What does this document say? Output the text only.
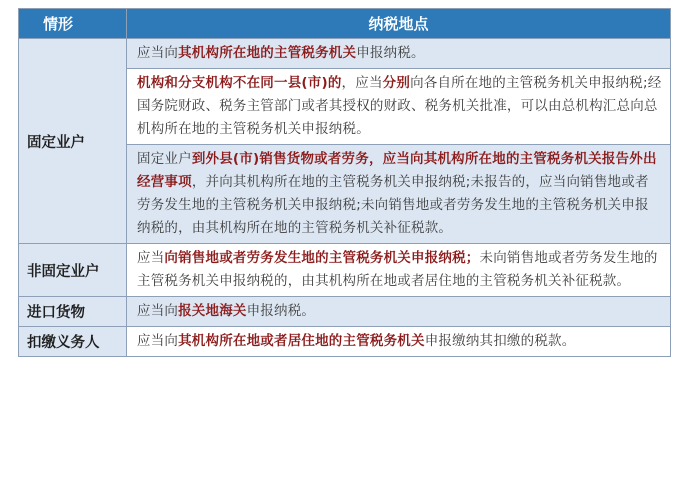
情形	纳税地点
固定业户	应当向其机构所在地的主管税务机关申报纳税。
	机构和分支机构不在同一县(市)的，应当分别向各自所在地的主管税务机关申报纳税;经国务院财政、税务主管部门或者其授权的财政、税务机关批准，可以由总机构汇总向总机构所在地的主管税务机关申报纳税。
	固定业户到外县(市)销售货物或者劳务，应当向其机构所在地的主管税务机关报告外出经营事项，并向其机构所在地的主管税务机关申报纳税;未报告的，应当向销售地或者劳务发生地的主管税务机关申报纳税;未向销售地或者劳务发生地的主管税务机关申报纳税的，由其机构所在地的主管税务机关补征税款。
非固定业户	应当向销售地或者劳务发生地的主管税务机关申报纳税；未向销售地或者劳务发生地的主管税务机关申报纳税的，由其机构所在地或者居住地的主管税务机关补征税款。
进口货物	应当向报关地海关申报纳税。
扣缴义务人	应当向其机构所在地或者居住地的主管税务机关申报缴纳其扣缴的税款。
